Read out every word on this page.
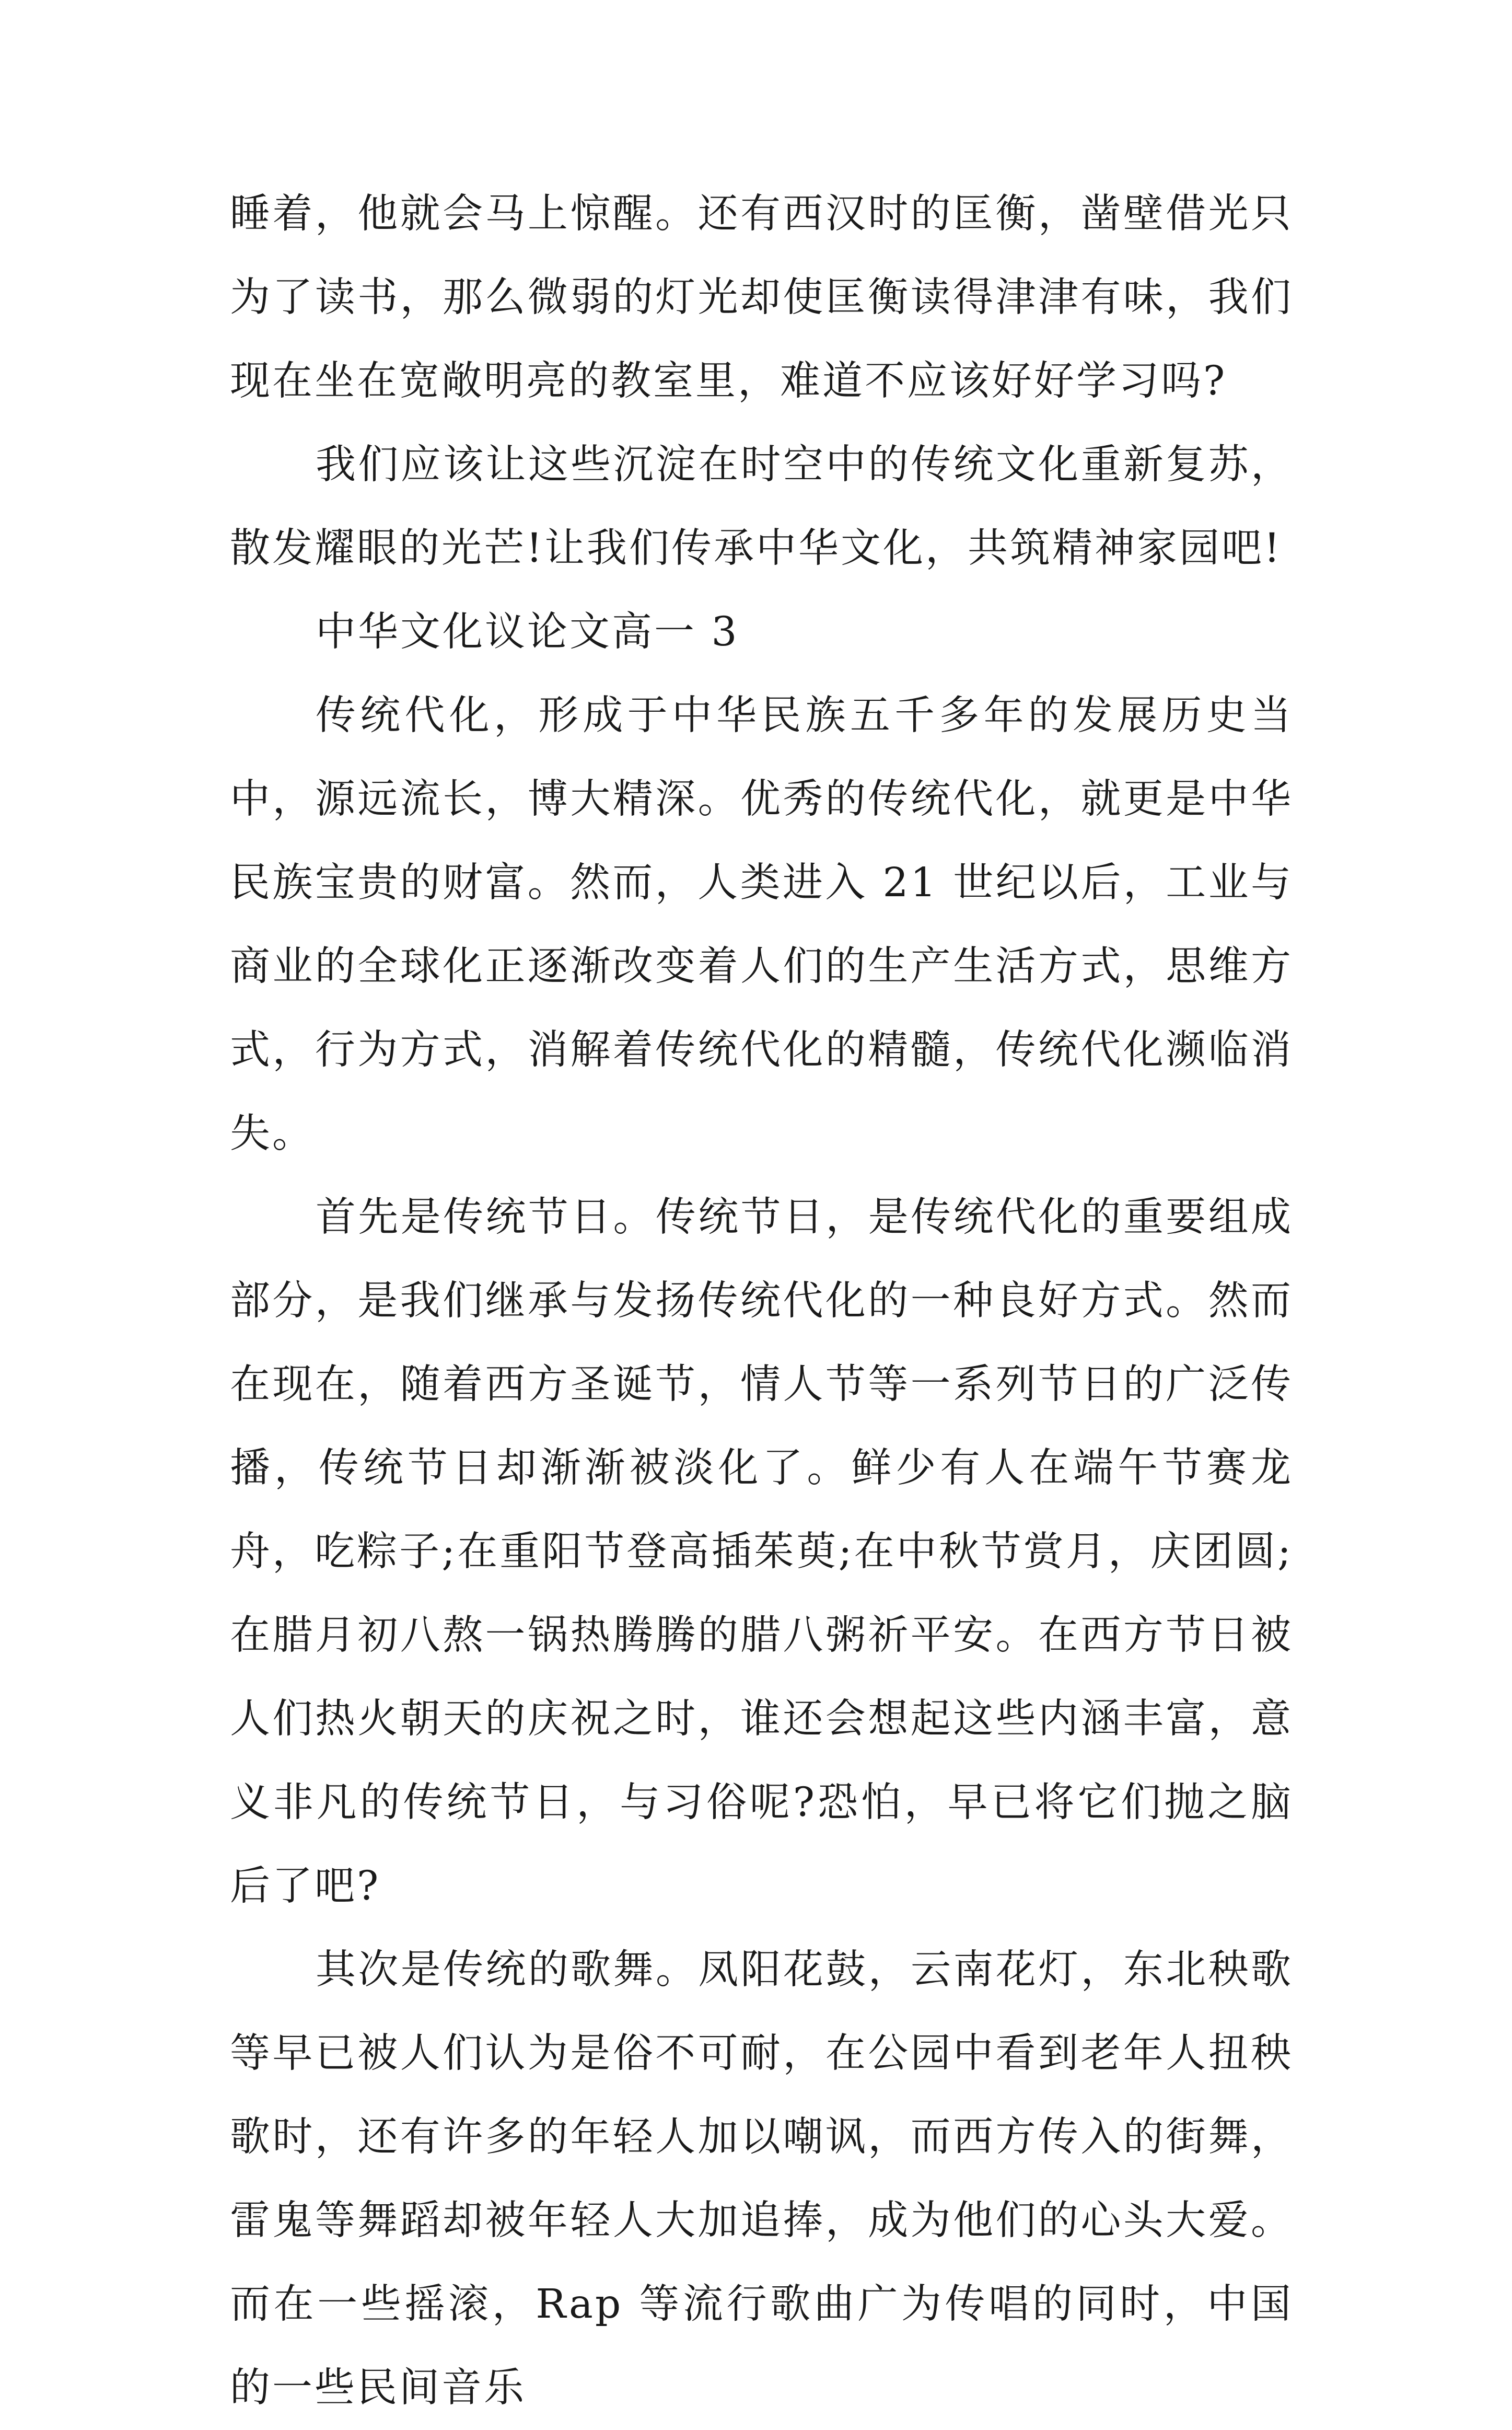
睡着，他就会马上惊醒。还有西汉时的匡衡，凿壁借光只为了读书，那么微弱的灯光却使匡衡读得津津有味，我们现在坐在宽敞明亮的教室里，难道不应该好好学习吗?

我们应该让这些沉淀在时空中的传统文化重新复苏，散发耀眼的光芒!让我们传承中华文化，共筑精神家园吧!

中华文化议论文高一 3

传统代化，形成于中华民族五千多年的发展历史当中，源远流长，博大精深。优秀的传统代化，就更是中华民族宝贵的财富。然而，人类进入 21 世纪以后，工业与商业的全球化正逐渐改变着人们的生产生活方式，思维方式，行为方式，消解着传统代化的精髓，传统代化濒临消失。

首先是传统节日。传统节日，是传统代化的重要组成部分，是我们继承与发扬传统代化的一种良好方式。然而在现在，随着西方圣诞节，情人节等一系列节日的广泛传播，传统节日却渐渐被淡化了。鲜少有人在端午节赛龙舟，吃粽子;在重阳节登高插茱萸;在中秋节赏月，庆团圆;在腊月初八熬一锅热腾腾的腊八粥祈平安。在西方节日被人们热火朝天的庆祝之时，谁还会想起这些内涵丰富，意义非凡的传统节日，与习俗呢?恐怕，早已将它们抛之脑后了吧?

其次是传统的歌舞。凤阳花鼓，云南花灯，东北秧歌等早已被人们认为是俗不可耐，在公园中看到老年人扭秧歌时，还有许多的年轻人加以嘲讽，而西方传入的街舞，雷鬼等舞蹈却被年轻人大加追捧，成为他们的心头大爱。而在一些摇滚，Rap 等流行歌曲广为传唱的同时，中国的一些民间音乐
